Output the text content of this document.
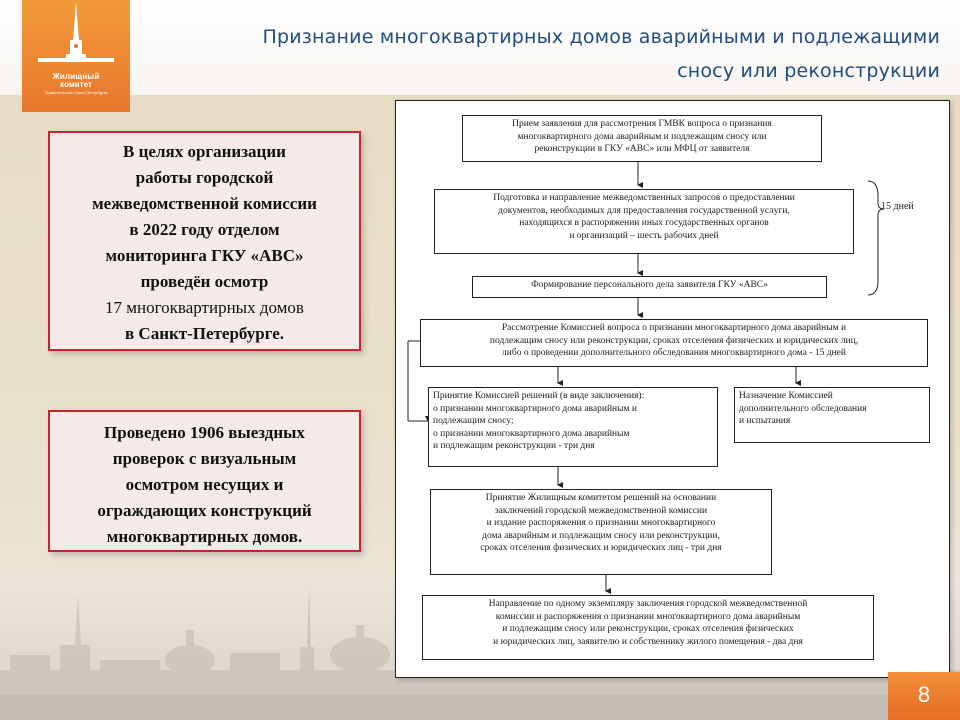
Жилищный
комитет
Правительство Санкт-Петербурга
Признание многоквартирных домов аварийными и подлежащими
сносу или реконструкции
В целях организации
работы городской
межведомственной комиссии
в 2022 году отделом
мониторинга ГКУ «АВС»
проведён осмотр
17 многоквартирных домов
в Санкт-Петербурге.
Проведено 1906 выездных
проверок с визуальным
осмотром несущих и
ограждающих конструкций
многоквартирных домов.
15 дней
Прием заявления для рассмотрения ГМВК вопроса о признания
многоквартирного дома аварийным и подлежащим сносу или
реконструкции в ГКУ «АВС» или МФЦ от заявителя
Подготовка и направление межведомственных запросов о предоставлении
документов, необходимых для предоставления государственной услуги,
находящихся в распоряжении иных государственных органов
и организаций – шесть рабочих дней
Формирование персонального дела заявителя ГКУ «АВС»
Рассмотрение Комиссией вопроса о признании многоквартирного дома аварийным и
подлежащим сносу или реконструкции, сроках отселения физических и юридических лиц,
либо о проведении дополнительного обследования многоквартирного дома - 15 дней
Принятие Комиссией решений (в виде заключения):
о признании многоквартирного дома аварийным и
подлежащим сносу;
о признании многоквартирного дома аварийным
и подлежащим реконструкции - три дня
Назначение Комиссией
дополнительного обследования
и испытания
Принятие Жилищным комитетом решений на основании
заключений городской межведомственной комиссии
и издание распоряжения о признании многоквартирного
дома аварийным и подлежащим сносу или реконструкции,
сроках отселения физических и юридических лиц - три дня
Направление по одному экземпляру заключения городской межведомственной
комиссии и распоряжения о признании многоквартирного дома аварийным
и подлежащим сносу или реконструкции, сроках отселения физических
и юридических лиц, заявителю и собственнику жилого помещения - два дня
8
